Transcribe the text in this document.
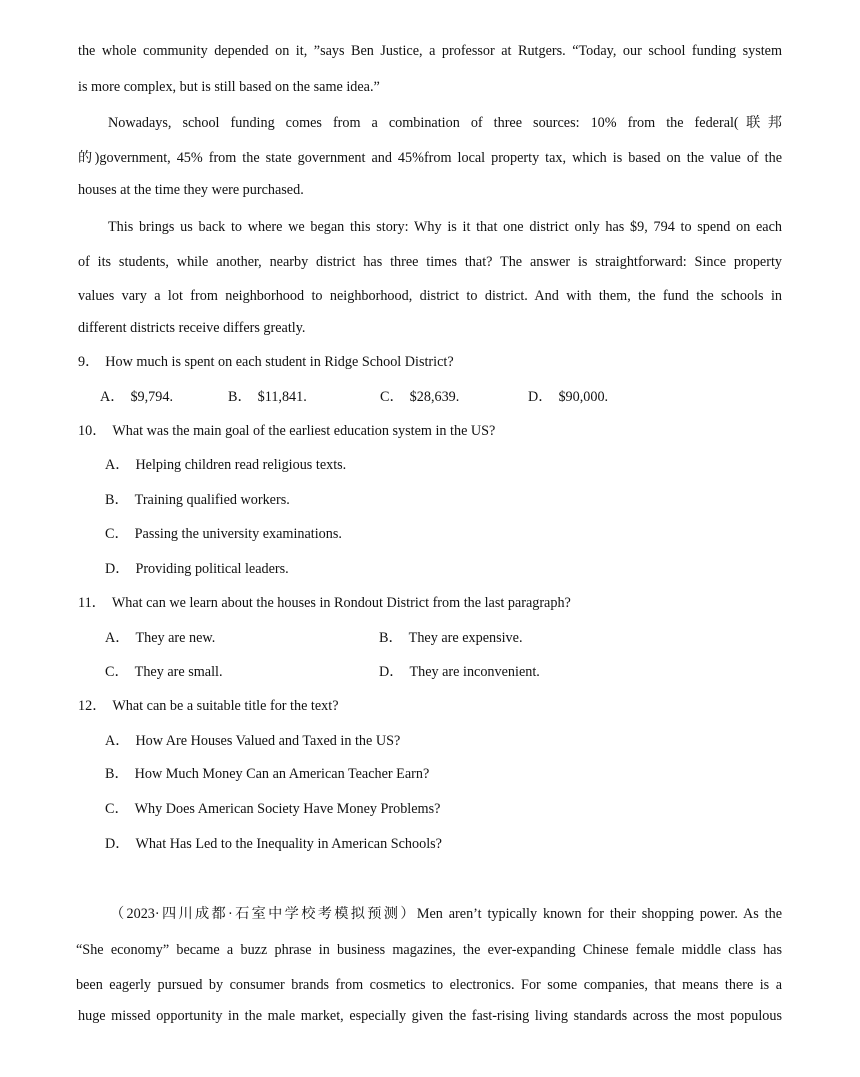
the whole community depended on it, ”says Ben Justice, a professor at Rutgers. “Today, our school funding system
is more complex, but is still based on the same idea.”
Nowadays, school funding comes from a combination of three sources: 10% from the federal(联邦
的)government, 45% from the state government and 45%from local property tax, which is based on the value of the
houses at the time they were purchased.
This brings us back to where we began this story: Why is it that one district only has $9, 794 to spend on each
of its students, while another, nearby district has three times that? The answer is straightforward: Since property
values vary a lot from neighborhood to neighborhood, district to district. And with them, the fund the schools in
different districts receive differs greatly.
9． How much is spent on each student in Ridge School District?
A． $9,794.	B． $11,841.	C． $28,639.	D． $90,000.
10． What was the main goal of the earliest education system in the US?
A． Helping children read religious texts.
B． Training qualified workers.
C． Passing the university examinations.
D． Providing political leaders.
11． What can we learn about the houses in Rondout District from the last paragraph?
A． They are new.	B． They are expensive.
C． They are small.	D． They are inconvenient.
12． What can be a suitable title for the text?
A． How Are Houses Valued and Taxed in the US?
B． How Much Money Can an American Teacher Earn?
C． Why Does American Society Have Money Problems?
D． What Has Led to the Inequality in American Schools?
（2023·四川成都·石室中学校考模拟预测）Men aren’t typically known for their shopping power. As the
“She economy” became a buzz phrase in business magazines, the ever-expanding Chinese female middle class has
been eagerly pursued by consumer brands from cosmetics to electronics. For some companies, that means there is a
huge missed opportunity in the male market, especially given the fast-rising living standards across the most populous
